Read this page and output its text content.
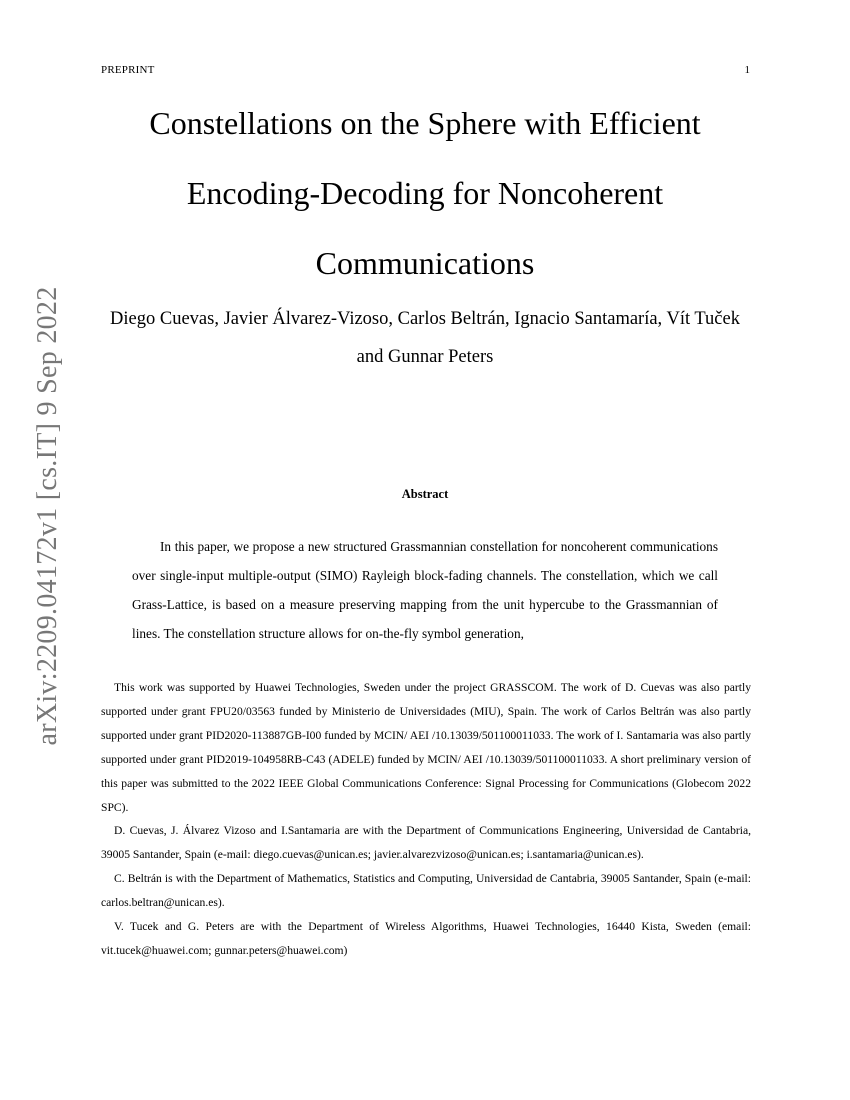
PREPRINT	1
arXiv:2209.04172v1 [cs.IT] 9 Sep 2022
Constellations on the Sphere with Efficient Encoding-Decoding for Noncoherent Communications

Diego Cuevas, Javier Álvarez-Vizoso, Carlos Beltrán, Ignacio Santamaría, Vít Tuček and Gunnar Peters

Abstract

In this paper, we propose a new structured Grassmannian constellation for noncoherent communications over single-input multiple-output (SIMO) Rayleigh block-fading channels. The constellation, which we call Grass-Lattice, is based on a measure preserving mapping from the unit hypercube to the Grassmannian of lines. The constellation structure allows for on-the-fly symbol generation,

This work was supported by Huawei Technologies, Sweden under the project GRASSCOM. The work of D. Cuevas was also partly supported under grant FPU20/03563 funded by Ministerio de Universidades (MIU), Spain. The work of Carlos Beltrán was also partly supported under grant PID2020-113887GB-I00 funded by MCIN/ AEI /10.13039/501100011033. The work of I. Santamaria was also partly supported under grant PID2019-104958RB-C43 (ADELE) funded by MCIN/ AEI /10.13039/501100011033. A short preliminary version of this paper was submitted to the 2022 IEEE Global Communications Conference: Signal Processing for Communications (Globecom 2022 SPC).

D. Cuevas, J. Álvarez Vizoso and I.Santamaria are with the Department of Communications Engineering, Universidad de Cantabria, 39005 Santander, Spain (e-mail: diego.cuevas@unican.es; javier.alvarezvizoso@unican.es; i.santamaria@unican.es).

C. Beltrán is with the Department of Mathematics, Statistics and Computing, Universidad de Cantabria, 39005 Santander, Spain (e-mail: carlos.beltran@unican.es).

V. Tucek and G. Peters are with the Department of Wireless Algorithms, Huawei Technologies, 16440 Kista, Sweden (email: vit.tucek@huawei.com; gunnar.peters@huawei.com)
